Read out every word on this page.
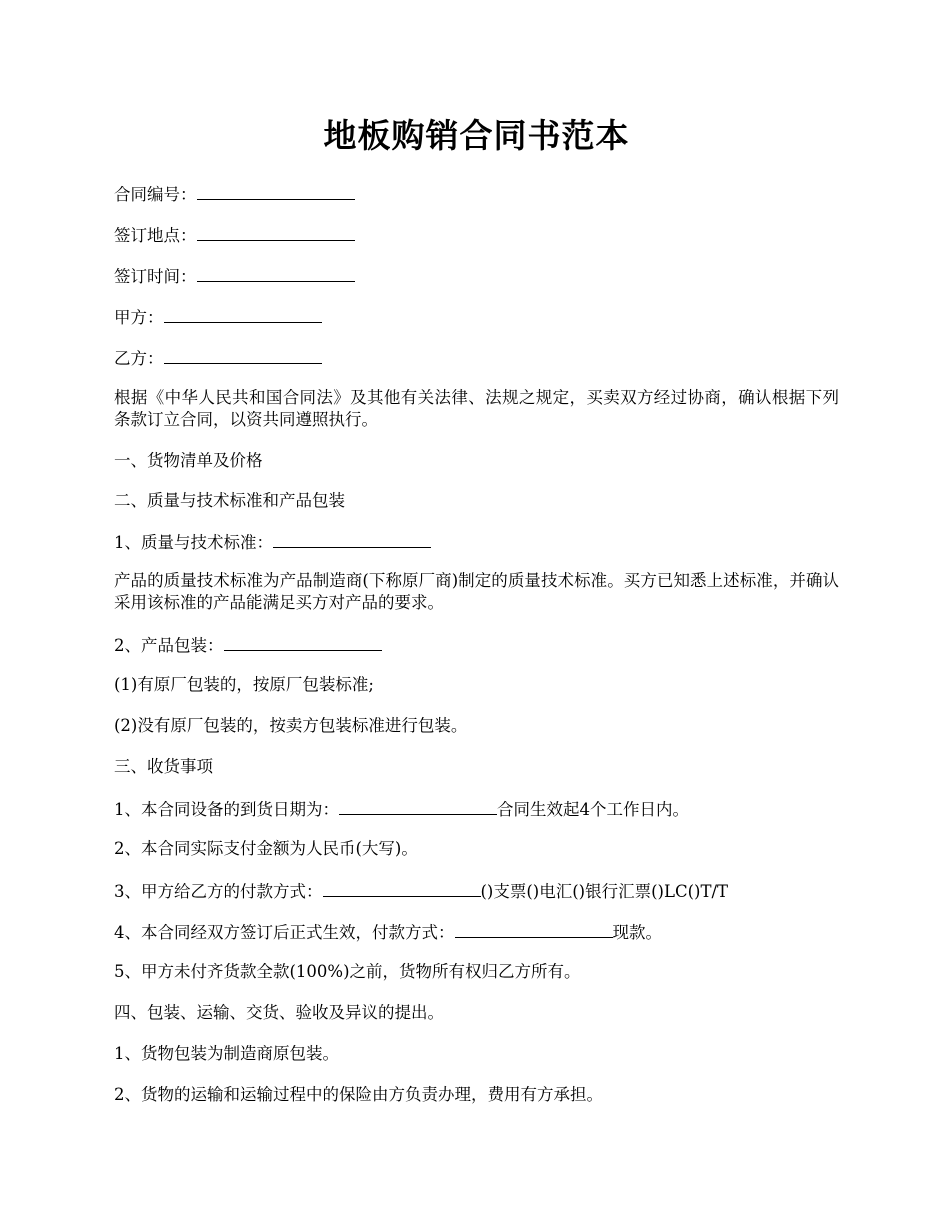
地板购销合同书范本

合同编号：

签订地点：

签订时间：

甲方：

乙方：

根据《中华人民共和国合同法》及其他有关法律、法规之规定，买卖双方经过协商，确认根据下列条款订立合同，以资共同遵照执行。

一、货物清单及价格

二、质量与技术标准和产品包装

1、质量与技术标准：

产品的质量技术标准为产品制造商(下称原厂商)制定的质量技术标准。买方已知悉上述标准，并确认采用该标准的产品能满足买方对产品的要求。

2、产品包装：

(1)有原厂包装的，按原厂包装标准;

(2)没有原厂包装的，按卖方包装标准进行包装。

三、收货事项

1、本合同设备的到货日期为：	合同生效起4个工作日内。

2、本合同实际支付金额为人民币(大写)。

3、甲方给乙方的付款方式：	()支票()电汇()银行汇票()LC()T/T

4、本合同经双方签订后正式生效，付款方式：	现款。

5、甲方未付齐货款全款(100%)之前，货物所有权归乙方所有。

四、包装、运输、交货、验收及异议的提出。

1、货物包装为制造商原包装。

2、货物的运输和运输过程中的保险由方负责办理，费用有方承担。
